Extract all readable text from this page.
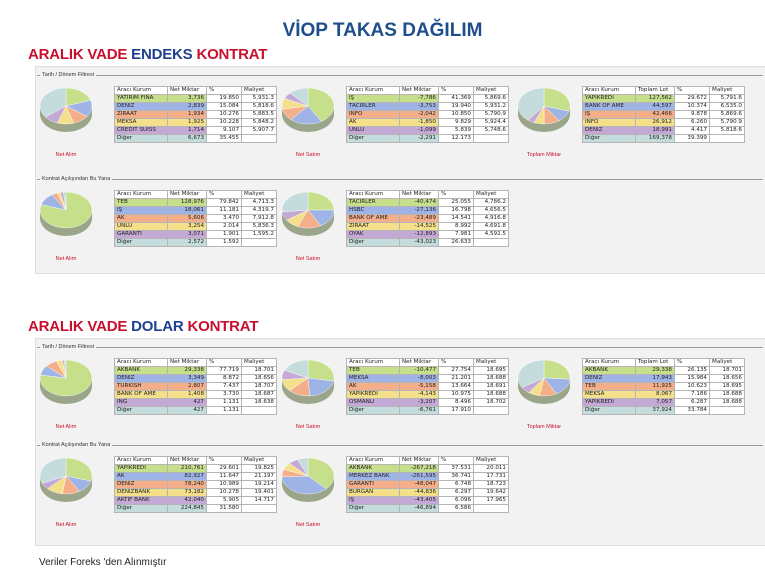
VİOP TAKAS DAĞILIM
ARALIK VADE ENDEKS KONTRAT
Tarih / Dönem Filtresi
Net Alım
Aracı Kurum	Net Miktar	%	Maliyet
YATIRIM FİNA	3,736	19.850	5,931.3
DENİZ	2,839	15.084	5,818.6
ZİRAAT	1,934	10.276	5,883.5
MEKSA	1,925	10.228	5,848.2
CREDIT SUISS	1,714	9.107	5,907.7
Diğer	6,673	35.455	
Net Satım
Aracı Kurum	Net Miktar	%	Maliyet
İŞ	-7,786	41.369	5,869.6
TACİRLER	-3,753	19.940	5,931.2
İNFO	-2,042	10.850	5,790.9
AK	-1,850	9.829	5,924.4
ÜNLÜ	-1,099	5.839	5,748.6
Diğer	-2,291	12.173	
Toplam Miktar
Aracı Kurum	Toplam Lot	%	Maliyet
YAPIKREDİ	127,562	29.672	5,791.6
BANK OF AME	44,597	10.374	6,535.0
İŞ	42,466	9.878	5,869.6
İNFO	26,912	6.260	5,790.9
DENİZ	18,991	4.417	5,818.6
Diğer	169,378	39.399	
Kontrat Açılışından Bu Yana
Net Alım
Aracı Kurum	Net Miktar	%	Maliyet
TEB	128,976	79.842	4,713.3
İŞ	18,061	11.181	4,319.7
AK	5,606	3.470	7,912.8
ÜNLÜ	3,254	2.014	5,836.3
GARANTİ	3,071	1.901	1,595.2
Diğer	2,572	1.592	
Net Satım
Aracı Kurum	Net Miktar	%	Maliyet
TACİRLER	-40,474	25.055	4,786.2
HSBC	-27,136	16.798	4,656.5
BANK OF AME	-23,489	14.541	4,916.8
ZİRAAT	-14,525	8.992	4,691.8
OYAK	-12,893	7.981	4,592.5
Diğer	-43,023	26.633	
ARALIK VADE DOLAR KONTRAT
Tarih / Dönem Filtresi
Net Alım
Aracı Kurum	Net Miktar	%	Maliyet
AKBANK	29,338	77.719	18.701
DENİZ	3,349	8.872	18.656
TURKISH	2,807	7.437	18.707
BANK OF AME	1,408	3.730	18.687
İNG	427	1.131	18.638
Diğer	427	1.131	
Net Satım
Aracı Kurum	Net Miktar	%	Maliyet
TEB	-10,477	27.754	18.695
MEKSA	-8,003	21.201	18.688
AK	-5,158	13.664	18.691
YAPIKREDİ	-4,143	10.975	18.688
OSMANLI	-3,207	8.496	18.702
Diğer	-6,761	17.910	
Toplam Miktar
Aracı Kurum	Toplam Lot	%	Maliyet
AKBANK	29,338	26.135	18.701
DENİZ	17,943	15.984	18.656
TEB	11,925	10.623	18.695
MEKSA	8,067	7.186	18.688
YAPIKREDİ	7,057	6.287	18.688
Diğer	37,924	33.784	
Kontrat Açılışından Bu Yana
Net Alım
Aracı Kurum	Net Miktar	%	Maliyet
YAPIKREDİ	210,761	29.601	19.825
AK	82,927	11.647	21.197
DENİZ	78,240	10.989	19.214
DENİZBANK	73,182	10.278	19.401
AKTİF BANK	42,040	5.905	14.717
Diğer	224,845	31.580	
Net Satım
Aracı Kurum	Net Miktar	%	Maliyet
AKBANK	-267,218	37.531	20.011
MERKEZ BANK	-261,595	36.741	17.731
GARANTİ	-48,047	6.748	18.723
BURGAN	-44,836	6.297	19.642
İŞ	-43,405	6.096	17.965
Diğer	-46,894	6.586	
Veriler Foreks 'den Alınmıştır
